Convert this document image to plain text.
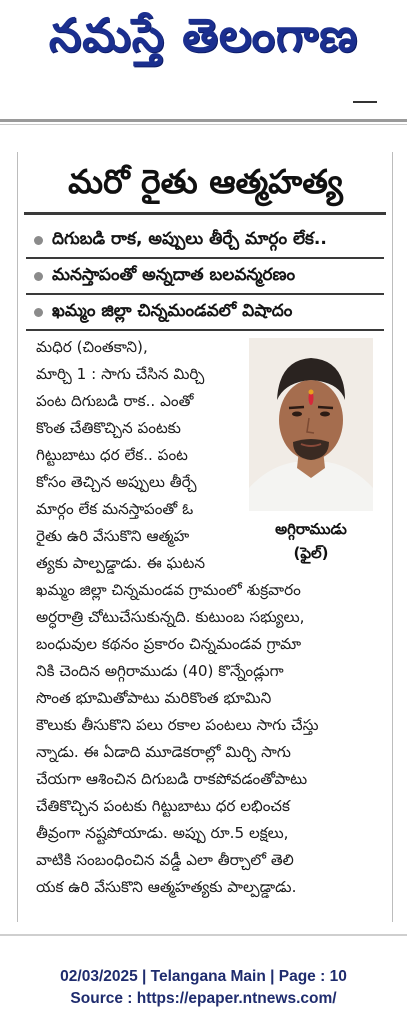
నమస్తే తెలంగాణ
మరో రైతు ఆత్మహత్య
దిగుబడి రాక, అప్పులు తీర్చే మార్గం లేక..
మనస్తాపంతో అన్నదాత బలవన్మరణం
ఖమ్మం జిల్లా చిన్నమండవలో విషాదం
మధిర (చింతకాని),
మార్చి 1 : సాగు చేసిన మిర్చి
పంట దిగుబడి రాక.. ఎంతో
కొంత చేతికొచ్చిన పంటకు
గిట్టుబాటు ధర లేక.. పంట
కోసం తెచ్చిన అప్పులు తీర్చే
మార్గం లేక మనస్తాపంతో ఓ
రైతు ఉరి వేసుకొని ఆత్మహ
త్యకు పాల్పడ్డాడు. ఈ ఘటన
అగ్గిరాముడు
(ఫైల్)
ఖమ్మం జిల్లా చిన్నమండవ గ్రామంలో శుక్రవారం
అర్ధరాత్రి చోటుచేసుకున్నది. కుటుంబ సభ్యులు,
బంధువుల కథనం ప్రకారం చిన్నమండవ గ్రామా
నికి చెందిన అగ్గిరాముడు (40) కొన్నేండ్లుగా
సొంత భూమితోపాటు మరికొంత భూమిని
కౌలుకు తీసుకొని పలు రకాల పంటలు సాగు చేస్తు
న్నాడు. ఈ ఏడాది మూడెకరాల్లో మిర్చి సాగు
చేయగా ఆశించిన దిగుబడి రాకపోవడంతోపాటు
చేతికొచ్చిన పంటకు గిట్టుబాటు ధర లభించక
తీవ్రంగా నష్టపోయాడు. అప్పు రూ.5 లక్షలు,
వాటికి సంబంధించిన వడ్డీ ఎలా తీర్చాలో తెలి
యక ఉరి వేసుకొని ఆత్మహత్యకు పాల్పడ్డాడు.
02/03/2025 | Telangana Main | Page : 10
Source : https://epaper.ntnews.com/
